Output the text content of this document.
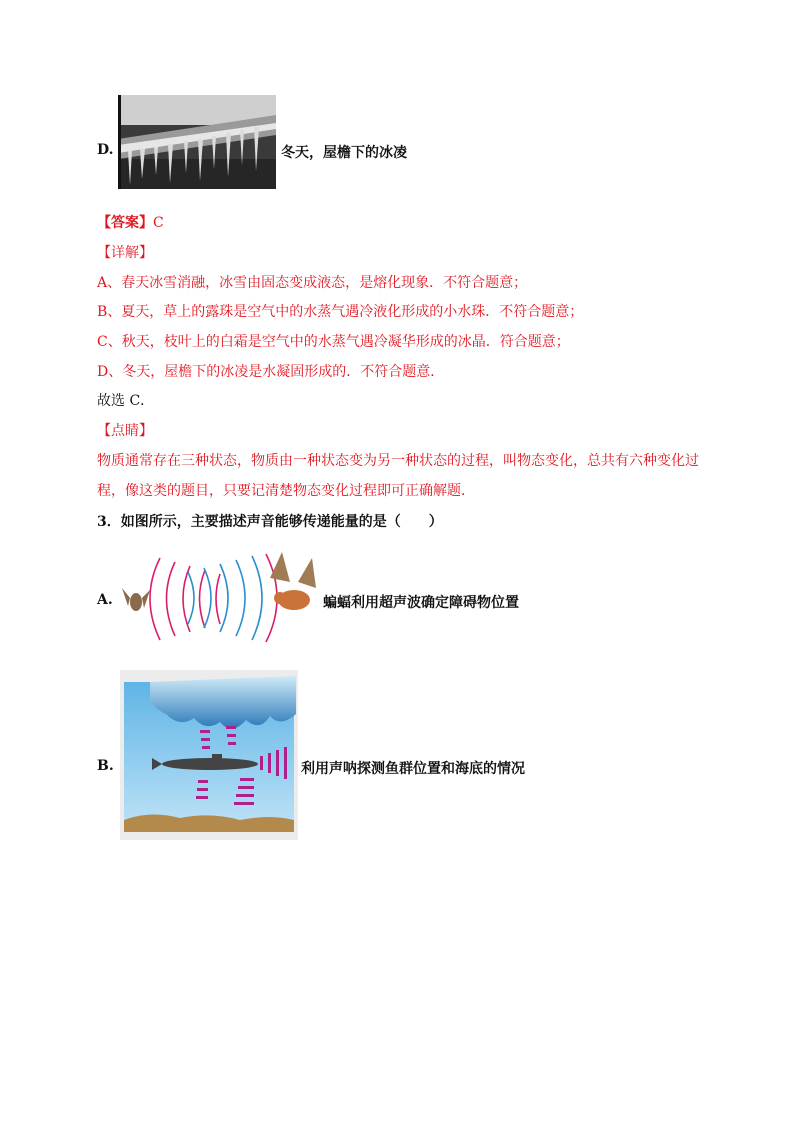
D.	冬天，屋檐下的冰凌
【答案】C
【详解】
A、春天冰雪消融，冰雪由固态变成液态，是熔化现象．不符合题意；
B、夏天，草上的露珠是空气中的水蒸气遇冷液化形成的小水珠．不符合题意；
C、秋天，枝叶上的白霜是空气中的水蒸气遇冷凝华形成的冰晶．符合题意；
D、冬天，屋檐下的冰凌是水凝固形成的．不符合题意．
故选 C．
【点睛】
物质通常存在三种状态，物质由一种状态变为另一种状态的过程，叫物态变化，总共有六种变化过
程，像这类的题目，只要记清楚物态变化过程即可正确解题．
3．如图所示，主要描述声音能够传递能量的是（　　）
A.	蝙蝠利用超声波确定障碍物位置
B.	利用声呐探测鱼群位置和海底的情况
